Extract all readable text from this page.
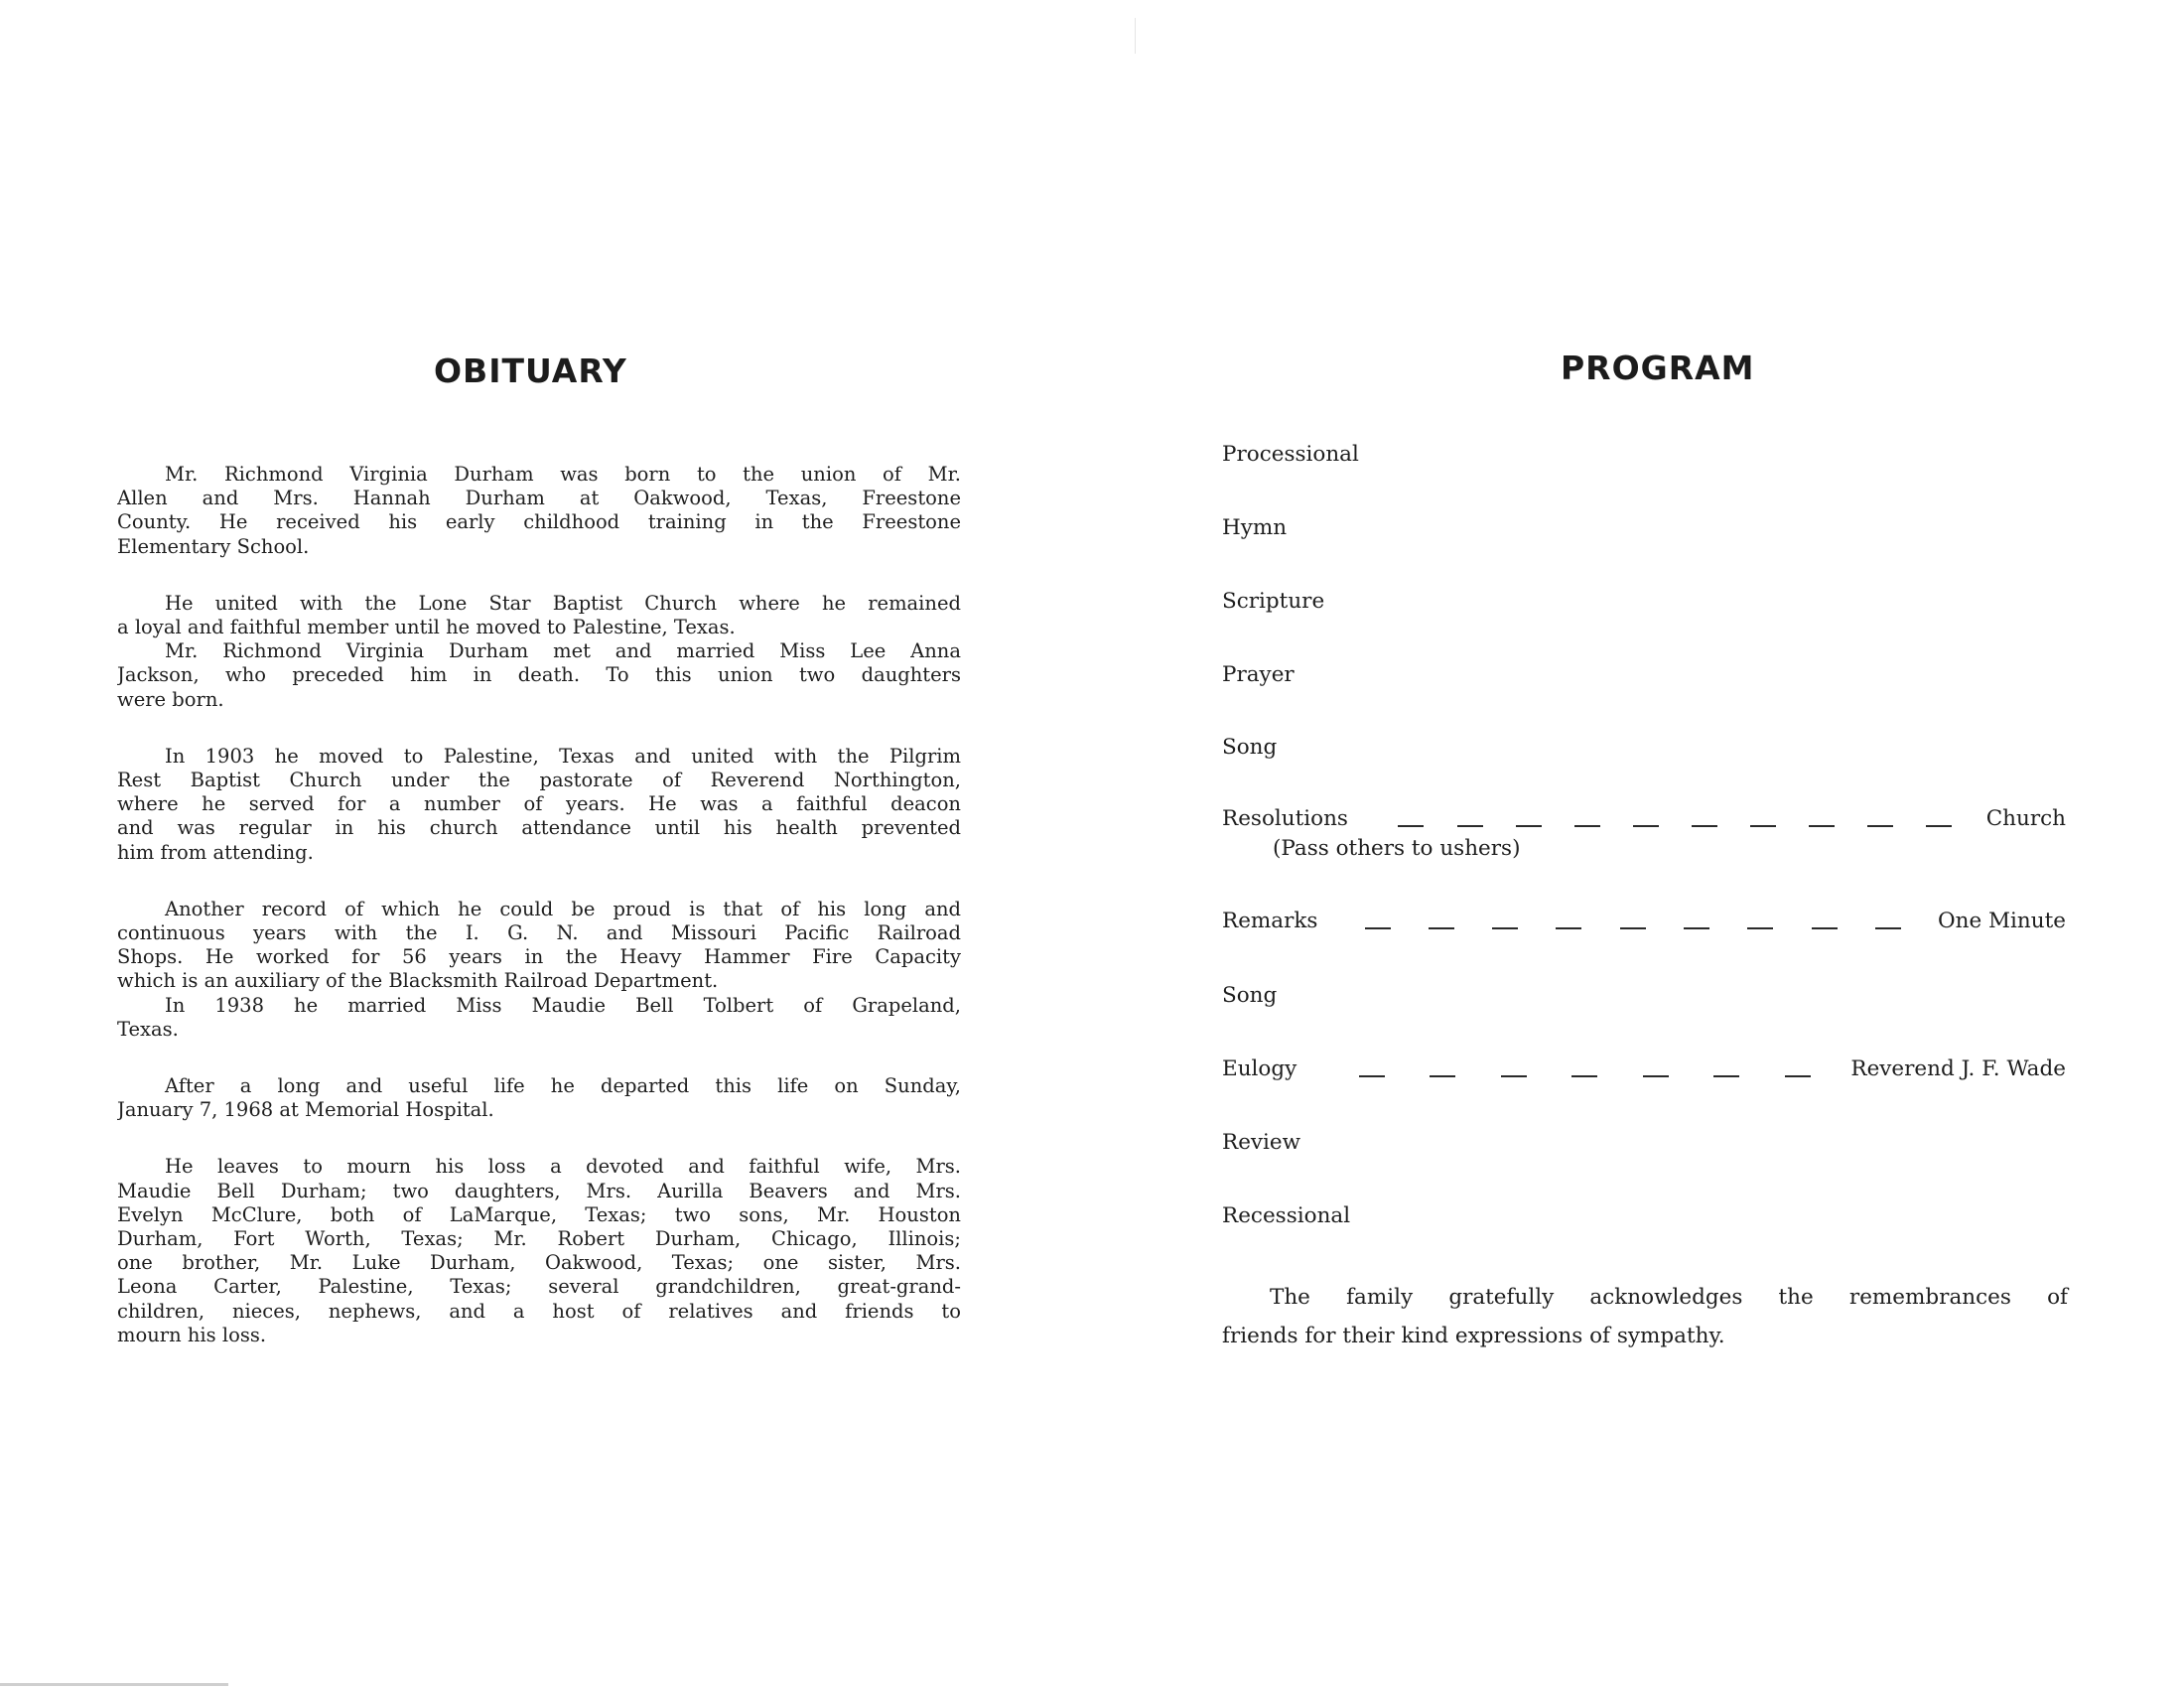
OBITUARY
Mr. Richmond Virginia Durham was born to the union of Mr.
Allen and Mrs. Hannah Durham at Oakwood, Texas, Freestone
County. He received his early childhood training in the Freestone
Elementary School.
He united with the Lone Star Baptist Church where he remained
a loyal and faithful member until he moved to Palestine, Texas.
Mr. Richmond Virginia Durham met and married Miss Lee Anna
Jackson, who preceded him in death. To this union two daughters
were born.
In 1903 he moved to Palestine, Texas and united with the Pilgrim
Rest Baptist Church under the pastorate of Reverend Northington,
where he served for a number of years. He was a faithful deacon
and was regular in his church attendance until his health prevented
him from attending.
Another record of which he could be proud is that of his long and
continuous years with the I. G. N. and Missouri Pacific Railroad
Shops. He worked for 56 years in the Heavy Hammer Fire Capacity
which is an auxiliary of the Blacksmith Railroad Department.
In 1938 he married Miss Maudie Bell Tolbert of Grapeland,
Texas.
After a long and useful life he departed this life on Sunday,
January 7, 1968 at Memorial Hospital.
He leaves to mourn his loss a devoted and faithful wife, Mrs.
Maudie Bell Durham; two daughters, Mrs. Aurilla Beavers and Mrs.
Evelyn McClure, both of LaMarque, Texas; two sons, Mr. Houston
Durham, Fort Worth, Texas; Mr. Robert Durham, Chicago, Illinois;
one brother, Mr. Luke Durham, Oakwood, Texas; one sister, Mrs.
Leona Carter, Palestine, Texas; several grandchildren, great-grand-
children, nieces, nephews, and a host of relatives and friends to
mourn his loss.
PROGRAM
Processional
Hymn
Scripture
Prayer
Song
Resolutions	Church
(Pass others to ushers)
Remarks	One Minute
Song
Eulogy	Reverend J. F. Wade
Review
Recessional
The family gratefully acknowledges the remembrances of
friends for their kind expressions of sympathy.
